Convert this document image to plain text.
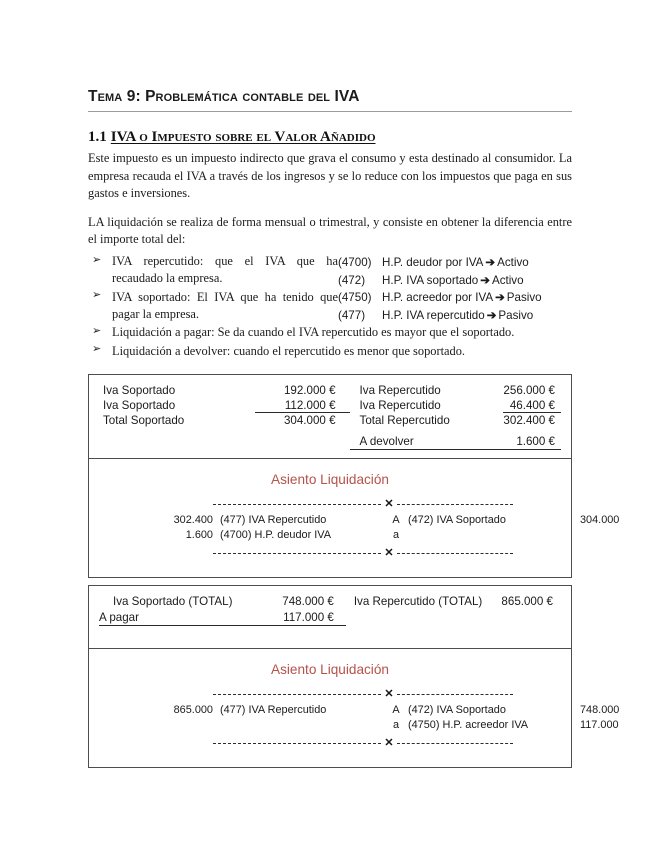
Tema 9: Problemática contable del IVA
1.1 IVA o Impuesto sobre el Valor Añadido

Este impuesto es un impuesto indirecto que grava el consumo y esta destinado al consumidor. La empresa recauda el IVA a través de los ingresos y se lo reduce con los impuestos que paga en sus gastos e inversiones.

LA liquidación se realiza de forma mensual o trimestral, y consiste en obtener la diferencia entre el importe total del:

➢ IVA repercutido: que el IVA que ha recaudado la empresa.
➢ IVA soportado: El IVA que ha tenido que pagar la empresa.
(4700) H.P. deudor por IVA ➔ Activo
(472) H.P. IVA soportado ➔ Activo
(4750) H.P. acreedor por IVA ➔ Pasivo
(477) H.P. IVA repercutido ➔ Pasivo
➢ Liquidación a pagar: Se da cuando el IVA repercutido es mayor que el soportado.
➢ Liquidación a devolver: cuando el repercutido es menor que soportado.
Iva Soportado	192.000 €	Iva Repercutido	256.000 €
Iva Soportado	112.000 €	Iva Repercutido	46.400 €
Total Soportado	304.000 €	Total Repercutido	302.400 €
		A devolver	1.600 €
Asiento Liquidación
✕
302.400 (477) IVA Repercutido	A (472) IVA Soportado	304.000
1.600 (4700) H.P. deudor IVA	a
✕
Iva Soportado (TOTAL)	748.000 €	Iva Repercutido (TOTAL)	865.000 €
A pagar	117.000 €		
Asiento Liquidación
✕
865.000 (477) IVA Repercutido	A (472) IVA Soportado	748.000
a (4750) H.P. acreedor IVA	117.000
✕
